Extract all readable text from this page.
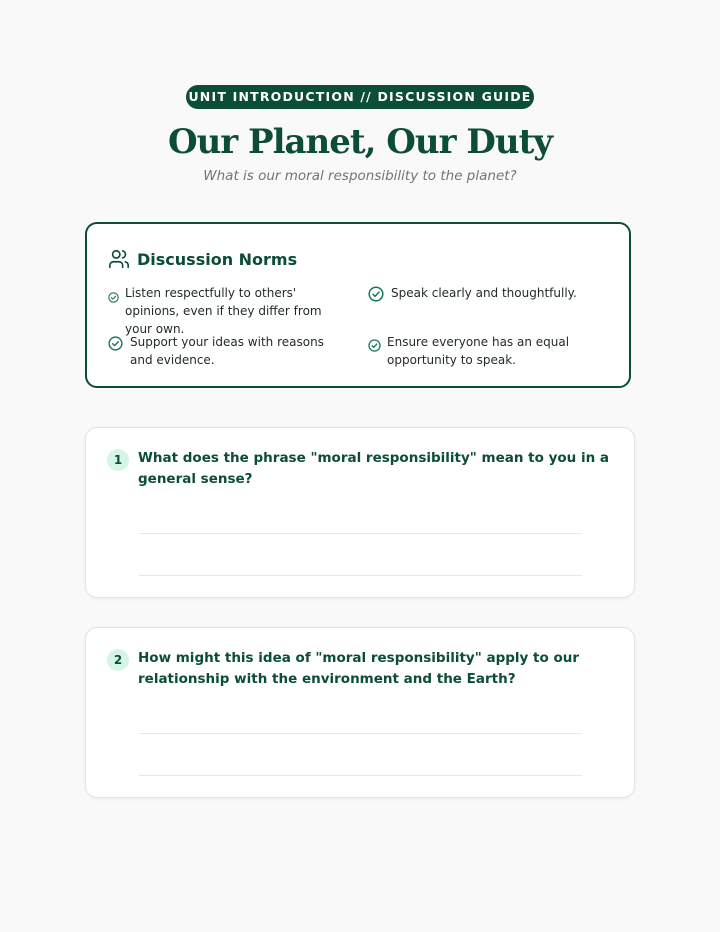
UNIT INTRODUCTION // DISCUSSION GUIDE
Our Planet, Our Duty
What is our moral responsibility to the planet?
Discussion Norms
Listen respectfully to others' opinions, even if they differ from your own.
Speak clearly and thoughtfully.
Support your ideas with reasons and evidence.
Ensure everyone has an equal opportunity to speak.
1	What does the phrase "moral responsibility" mean to you in a general sense?
2	How might this idea of "moral responsibility" apply to our relationship with the environment and the Earth?
